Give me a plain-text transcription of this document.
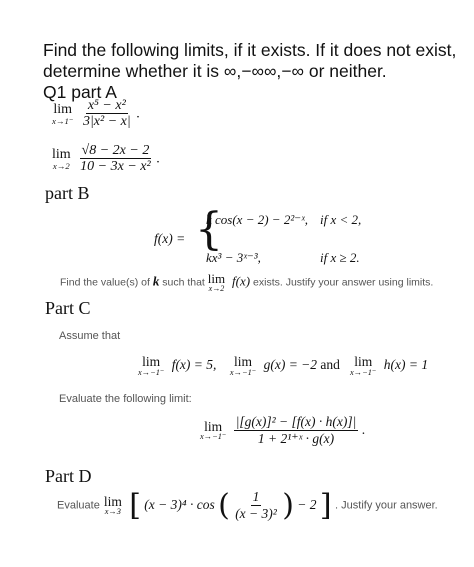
Find the following limits, if it exists. If it does not exist,
determine whether it is ∞,−∞∞,−∞ or neither.
Q1 part A
lim
x→1⁻
$\frac{\text{x⁵ − x²}}{\text{3|x² − x|}}$ .
lim
x→2
$\frac{√8 - 2x - 2}{\text{10 − 3x − x²}}$ .
part B
f(x) = {
k cos(x − 2) − 2²⁻ˣ, if x < 2,
kx³ − 3ˣ⁻³,	if x ≥ 2.
Find the value(s) of k such that lim
x→2
f(x) exists. Justify your answer using limits.
Part C
Assume that
lim
x→−1⁻ f(x) = 5, lim
x→−1⁻ g(x) = −2 and lim
x→−1⁻ h(x) = 1
Evaluate the following limit:
lim
x→−1⁻
$\frac{\text{|[g(x)]² − [f(x) · h(x)]|}}{\text{1 + 2¹⁺ˣ · g(x)}}$ .
Part D
Evaluate lim
x→3 [ (x − 3)⁴ · cos ( $\frac{1}{\text{(x − 3)²}}$ ) − 2 ] . Justify your answer.
